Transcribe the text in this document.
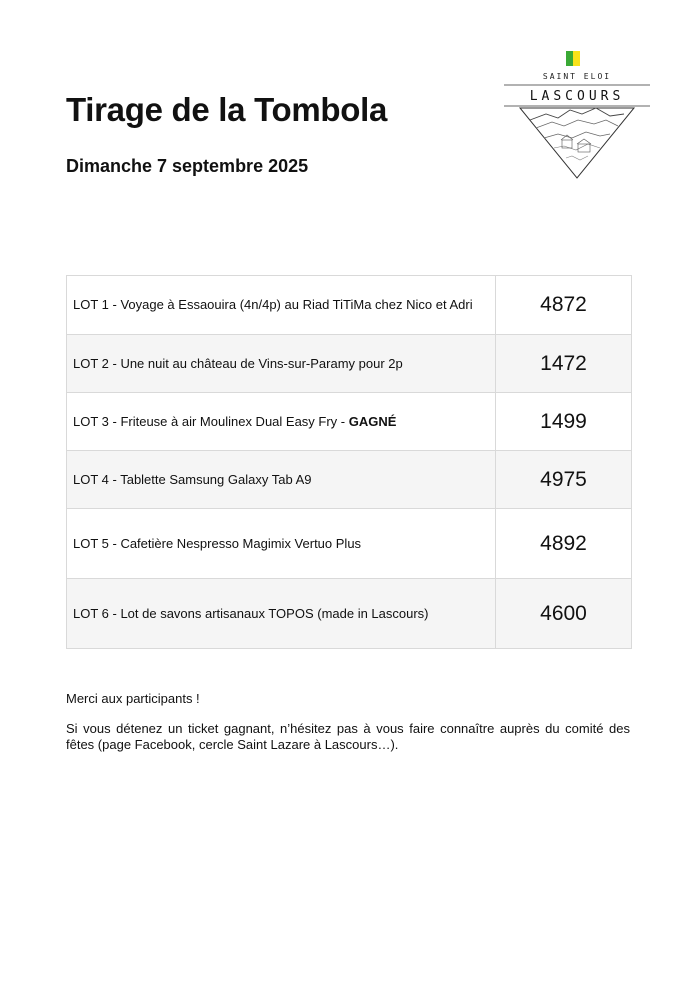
Tirage de la Tombola
Dimanche 7 septembre 2025
SAINT ELOI
LASCOURS
LOT 1 - Voyage à Essaouira (4n/4p) au Riad TiTiMa chez Nico et Adri	4872
LOT 2 - Une nuit au château de Vins-sur-Paramy pour 2p	1472
LOT 3 - Friteuse à air Moulinex Dual Easy Fry - GAGNÉ	1499
LOT 4 - Tablette Samsung Galaxy Tab A9	4975
LOT 5 - Cafetière Nespresso Magimix Vertuo Plus	4892
LOT 6 - Lot de savons artisanaux TOPOS (made in Lascours)	4600

Merci aux participants !

Si vous détenez un ticket gagnant, n’hésitez pas à vous faire connaître auprès du comité des fêtes (page Facebook, cercle Saint Lazare à Lascours…).
